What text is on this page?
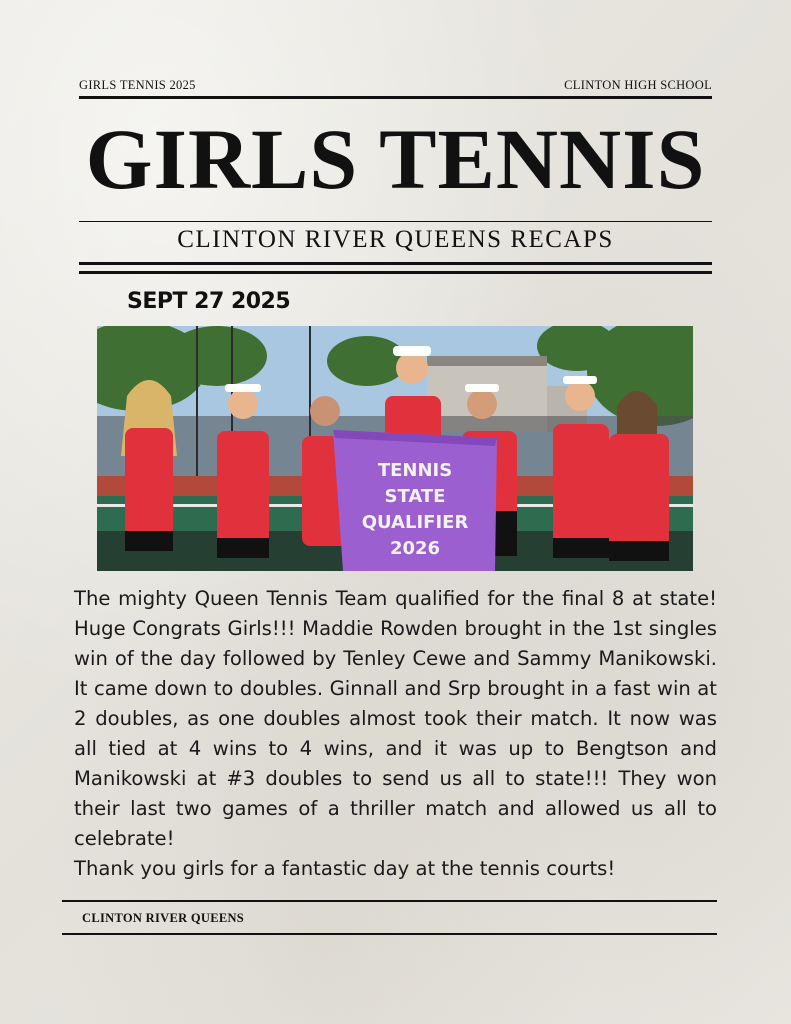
GIRLS TENNIS 2025	CLINTON HIGH SCHOOL
GIRLS TENNIS
CLINTON RIVER QUEENS RECAPS
SEPT 27 2025
TENNIS STATE QUALIFIER 2026
The mighty Queen Tennis Team qualified for the final 8 at state! Huge Congrats Girls!!! Maddie Rowden brought in the 1st singles win of the day followed by Tenley Cewe and Sammy Manikowski. It came down to doubles. Ginnall and Srp brought in a fast win at 2 doubles, as one doubles almost took their match. It now was all tied at 4 wins to 4 wins, and it was up to Bengtson and Manikowski at #3 doubles to send us all to state!!! They won their last two games of a thriller match and allowed us all to celebrate!
Thank you girls for a fantastic day at the tennis courts!
CLINTON RIVER QUEENS
